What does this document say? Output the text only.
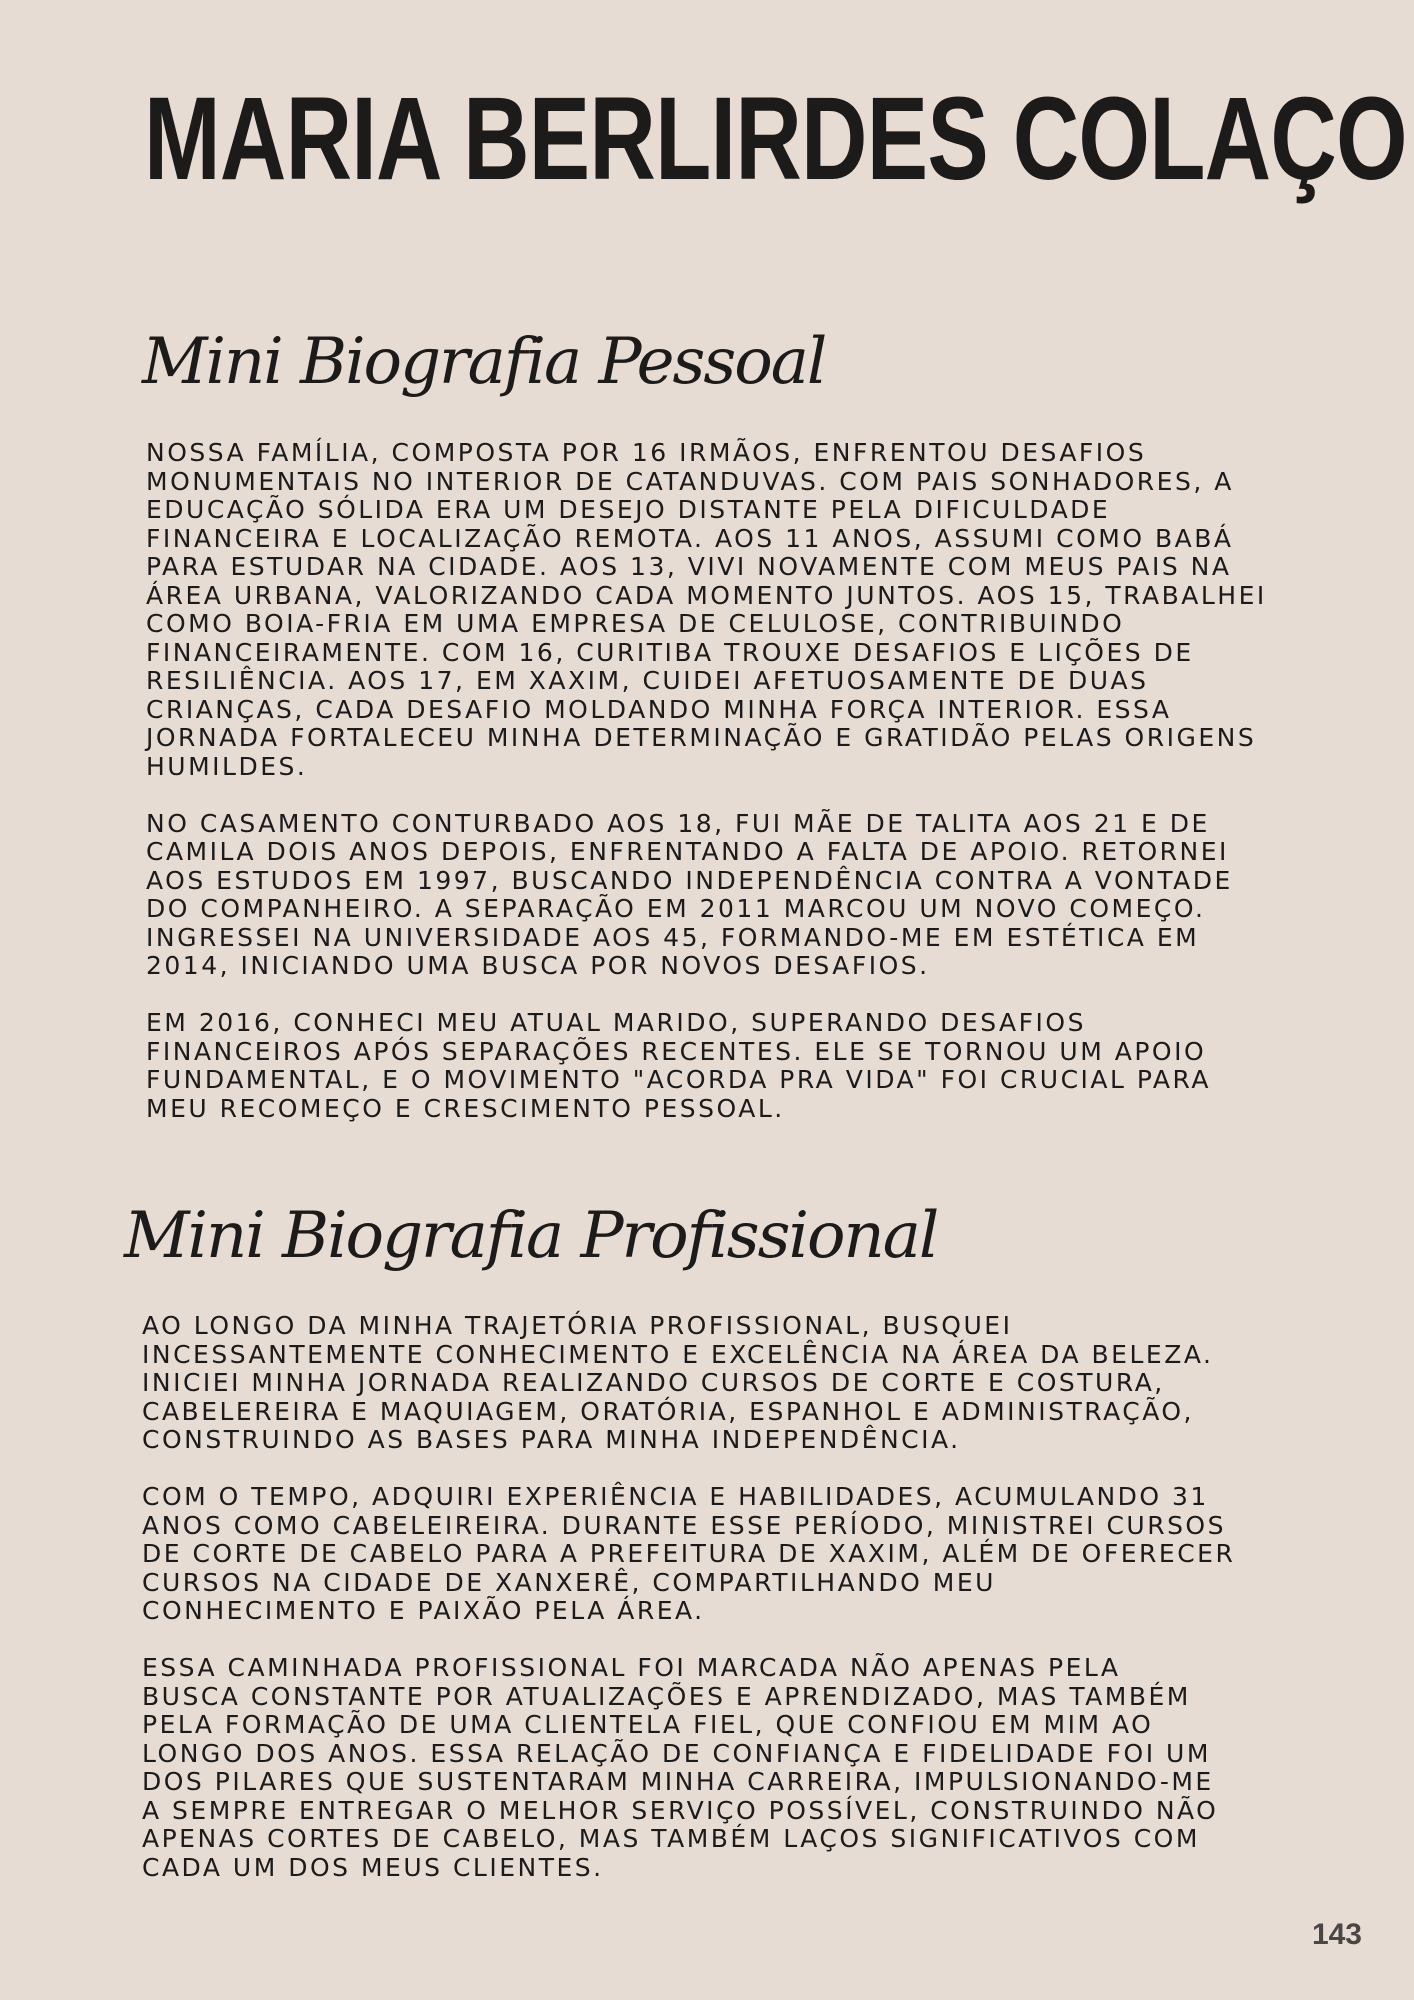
MARIA BERLIRDES COLAÇO
Mini Biografia Pessoal

NOSSA FAMÍLIA, COMPOSTA POR 16 IRMÃOS, ENFRENTOU DESAFIOS
MONUMENTAIS NO INTERIOR DE CATANDUVAS. COM PAIS SONHADORES, A
EDUCAÇÃO SÓLIDA ERA UM DESEJO DISTANTE PELA DIFICULDADE
FINANCEIRA E LOCALIZAÇÃO REMOTA. AOS 11 ANOS, ASSUMI COMO BABÁ
PARA ESTUDAR NA CIDADE. AOS 13, VIVI NOVAMENTE COM MEUS PAIS NA
ÁREA URBANA, VALORIZANDO CADA MOMENTO JUNTOS. AOS 15, TRABALHEI
COMO BOIA-FRIA EM UMA EMPRESA DE CELULOSE, CONTRIBUINDO
FINANCEIRAMENTE. COM 16, CURITIBA TROUXE DESAFIOS E LIÇÕES DE
RESILIÊNCIA. AOS 17, EM XAXIM, CUIDEI AFETUOSAMENTE DE DUAS
CRIANÇAS, CADA DESAFIO MOLDANDO MINHA FORÇA INTERIOR. ESSA
JORNADA FORTALECEU MINHA DETERMINAÇÃO E GRATIDÃO PELAS ORIGENS
HUMILDES.

NO CASAMENTO CONTURBADO AOS 18, FUI MÃE DE TALITA AOS 21 E DE
CAMILA DOIS ANOS DEPOIS, ENFRENTANDO A FALTA DE APOIO. RETORNEI
AOS ESTUDOS EM 1997, BUSCANDO INDEPENDÊNCIA CONTRA A VONTADE
DO COMPANHEIRO. A SEPARAÇÃO EM 2011 MARCOU UM NOVO COMEÇO.
INGRESSEI NA UNIVERSIDADE AOS 45, FORMANDO-ME EM ESTÉTICA EM
2014, INICIANDO UMA BUSCA POR NOVOS DESAFIOS.

EM 2016, CONHECI MEU ATUAL MARIDO, SUPERANDO DESAFIOS
FINANCEIROS APÓS SEPARAÇÕES RECENTES. ELE SE TORNOU UM APOIO
FUNDAMENTAL, E O MOVIMENTO "ACORDA PRA VIDA" FOI CRUCIAL PARA
MEU RECOMEÇO E CRESCIMENTO PESSOAL.

Mini Biografia Profissional

AO LONGO DA MINHA TRAJETÓRIA PROFISSIONAL, BUSQUEI
INCESSANTEMENTE CONHECIMENTO E EXCELÊNCIA NA ÁREA DA BELEZA.
INICIEI MINHA JORNADA REALIZANDO CURSOS DE CORTE E COSTURA,
CABELEREIRA E MAQUIAGEM, ORATÓRIA, ESPANHOL E ADMINISTRAÇÃO,
CONSTRUINDO AS BASES PARA MINHA INDEPENDÊNCIA.

COM O TEMPO, ADQUIRI EXPERIÊNCIA E HABILIDADES, ACUMULANDO 31
ANOS COMO CABELEIREIRA. DURANTE ESSE PERÍODO, MINISTREI CURSOS
DE CORTE DE CABELO PARA A PREFEITURA DE XAXIM, ALÉM DE OFERECER
CURSOS NA CIDADE DE XANXERÊ, COMPARTILHANDO MEU
CONHECIMENTO E PAIXÃO PELA ÁREA.

ESSA CAMINHADA PROFISSIONAL FOI MARCADA NÃO APENAS PELA
BUSCA CONSTANTE POR ATUALIZAÇÕES E APRENDIZADO, MAS TAMBÉM
PELA FORMAÇÃO DE UMA CLIENTELA FIEL, QUE CONFIOU EM MIM AO
LONGO DOS ANOS. ESSA RELAÇÃO DE CONFIANÇA E FIDELIDADE FOI UM
DOS PILARES QUE SUSTENTARAM MINHA CARREIRA, IMPULSIONANDO-ME
A SEMPRE ENTREGAR O MELHOR SERVIÇO POSSÍVEL, CONSTRUINDO NÃO
APENAS CORTES DE CABELO, MAS TAMBÉM LAÇOS SIGNIFICATIVOS COM
CADA UM DOS MEUS CLIENTES.

143
